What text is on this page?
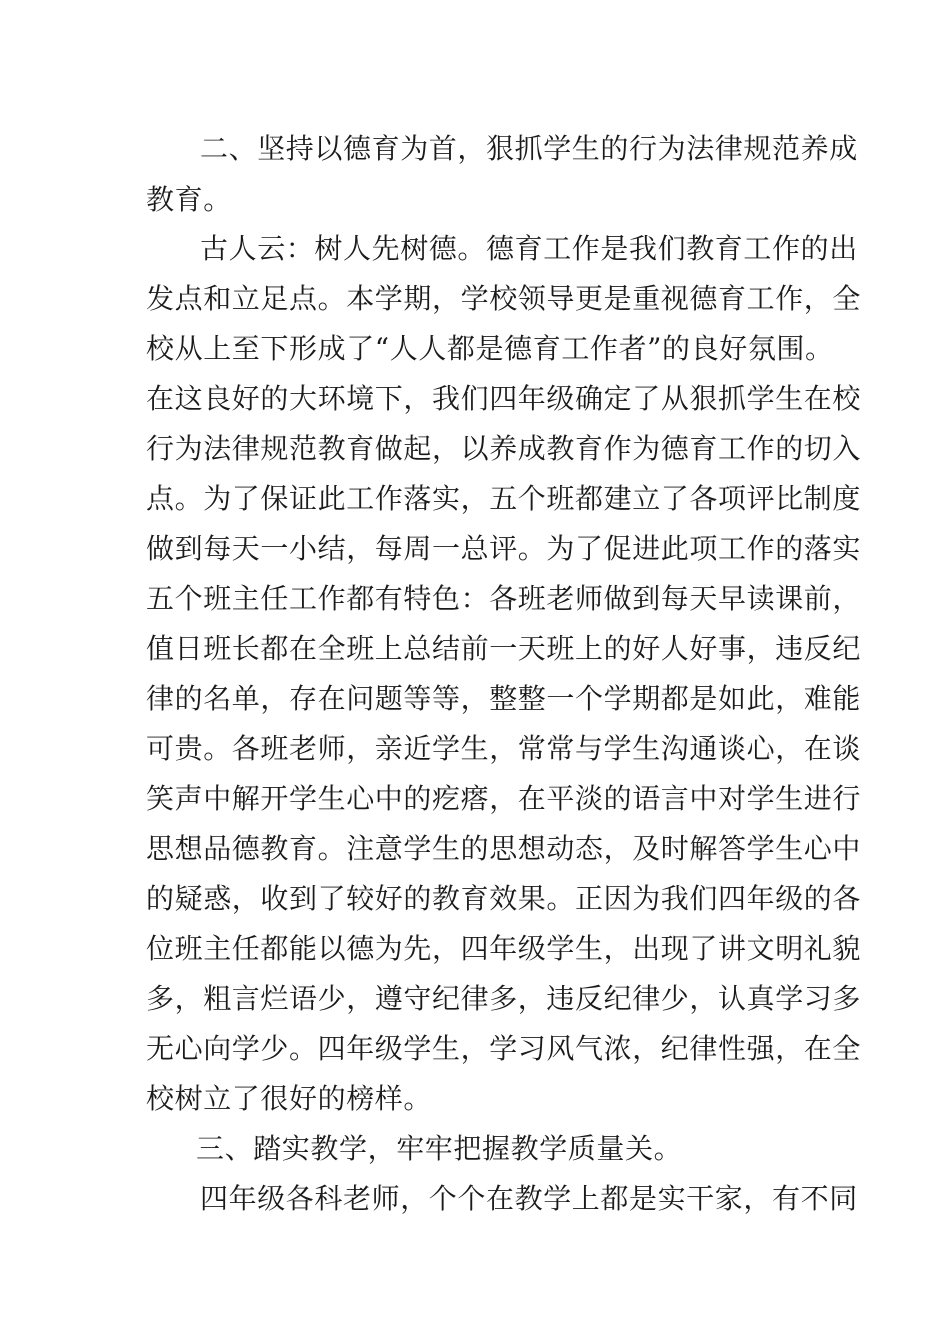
二、坚持以德育为首，狠抓学生的行为法律规范养成
教育。
古人云：树人先树德。德育工作是我们教育工作的出
发点和立足点。本学期，学校领导更是重视德育工作，全
校从上至下形成了“人人都是德育工作者”的良好氛围。
在这良好的大环境下，我们四年级确定了从狠抓学生在校
行为法律规范教育做起，以养成教育作为德育工作的切入
点。为了保证此工作落实，五个班都建立了各项评比制度
做到每天一小结，每周一总评。为了促进此项工作的落实
五个班主任工作都有特色：各班老师做到每天早读课前，
值日班长都在全班上总结前一天班上的好人好事，违反纪
律的名单，存在问题等等，整整一个学期都是如此，难能
可贵。各班老师，亲近学生，常常与学生沟通谈心，在谈
笑声中解开学生心中的疙瘩，在平淡的语言中对学生进行
思想品德教育。注意学生的思想动态，及时解答学生心中
的疑惑，收到了较好的教育效果。正因为我们四年级的各
位班主任都能以德为先，四年级学生，出现了讲文明礼貌
多，粗言烂语少，遵守纪律多，违反纪律少，认真学习多
无心向学少。四年级学生，学习风气浓，纪律性强，在全
校树立了很好的榜样。
三、踏实教学，牢牢把握教学质量关。
四年级各科老师，个个在教学上都是实干家，有不同
